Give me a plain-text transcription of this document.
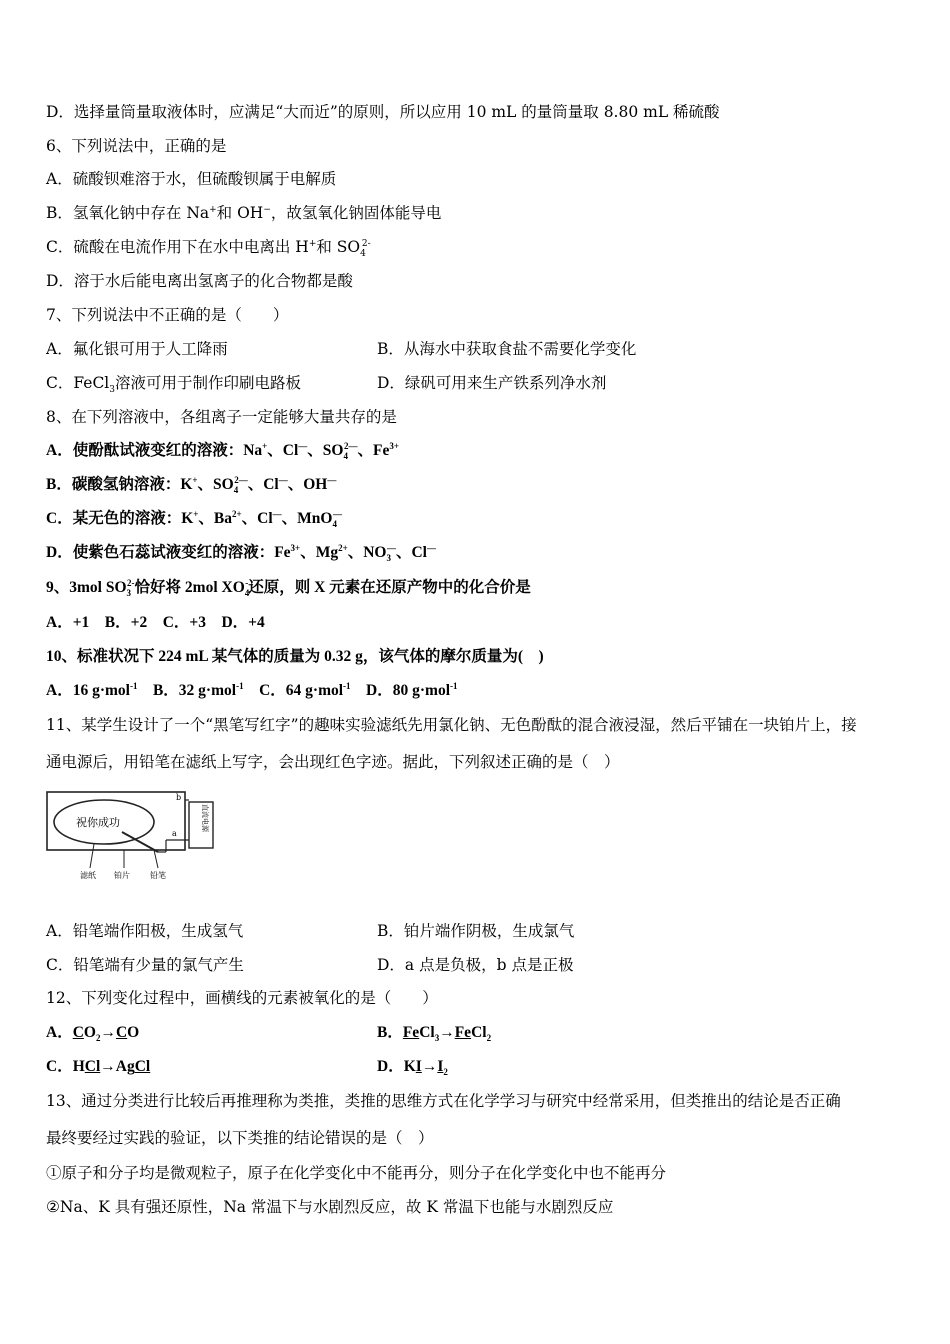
D．选择量筒量取液体时，应满足“大而近”的原则，所以应用 10 mL 的量筒量取 8.80 mL 稀硫酸
6、下列说法中，正确的是
A．硫酸钡难溶于水，但硫酸钡属于电解质
B．氢氧化钠中存在 Na+和 OH−，故氢氧化钠固体能导电
C．硫酸在电流作用下在水中电离出 H+和 $SO_4^{2-}$
D．溶于水后能电离出氢离子的化合物都是酸
7、下列说法中不正确的是（　　）
A．氟化银可用于人工降雨	B．从海水中获取食盐不需要化学变化
C．FeCl$_3$溶液可用于制作印刷电路板	D．绿矾可用来生产铁系列净水剂
8、在下列溶液中，各组离子一定能够大量共存的是
A．使酚酞试液变红的溶液：Na+、Cl—、$SO_4^{2—}$、$Fe^{3+}$
B．碳酸氢钠溶液：K+、$SO_4^{2—}$、Cl—、OH—
C．某无色的溶液：K+、$Ba^{2+}$、Cl—、MnO$_4$—
D．使紫色石蕊试液变红的溶液：$Fe^{3+}$、$Mg^{2+}$、$NO_3^—$、Cl—
9、3mol $SO_3^{2-}$恰好将 2mol $XO_4^-$还原，则 X 元素在还原产物中的化合价是
A．+1　B．+2　C．+3　D．+4
10、标准状况下 224 mL 某气体的质量为 0.32 g，该气体的摩尔质量为(　)
A．16 g·mol$^{-1}$　B．32 g·mol$^{-1}$　C．64 g·mol$^{-1}$　D．80 g·mol$^{-1}$
11、某学生设计了一个“黑笔写红字”的趣味实验滤纸先用氯化钠、无色酚酞的混合液浸湿，然后平铺在一块铂片上，接
通电源后，用铅笔在滤纸上写字，会出现红色字迹。据此，下列叙述正确的是（　）
祝你成功	直流电源
b
a
滤纸 铂片	铅笔
A．铅笔端作阳极，生成氢气	B．铂片端作阴极，生成氯气
C．铅笔端有少量的氯气产生	D．a 点是负极，b 点是正极
12、下列变化过程中，画横线的元素被氧化的是（　　）
A．$CO_2\to CO$	B．FeCl$_3$→FeCl$_2$
C．HCl→AgCl	D．$KI\to I_2$
13、通过分类进行比较后再推理称为类推，类推的思维方式在化学学习与研究中经常采用，但类推出的结论是否正确
最终要经过实践的验证，以下类推的结论错误的是（　）
①原子和分子均是微观粒子，原子在化学变化中不能再分，则分子在化学变化中也不能再分
②Na、K 具有强还原性，Na 常温下与水剧烈反应，故 K 常温下也能与水剧烈反应
